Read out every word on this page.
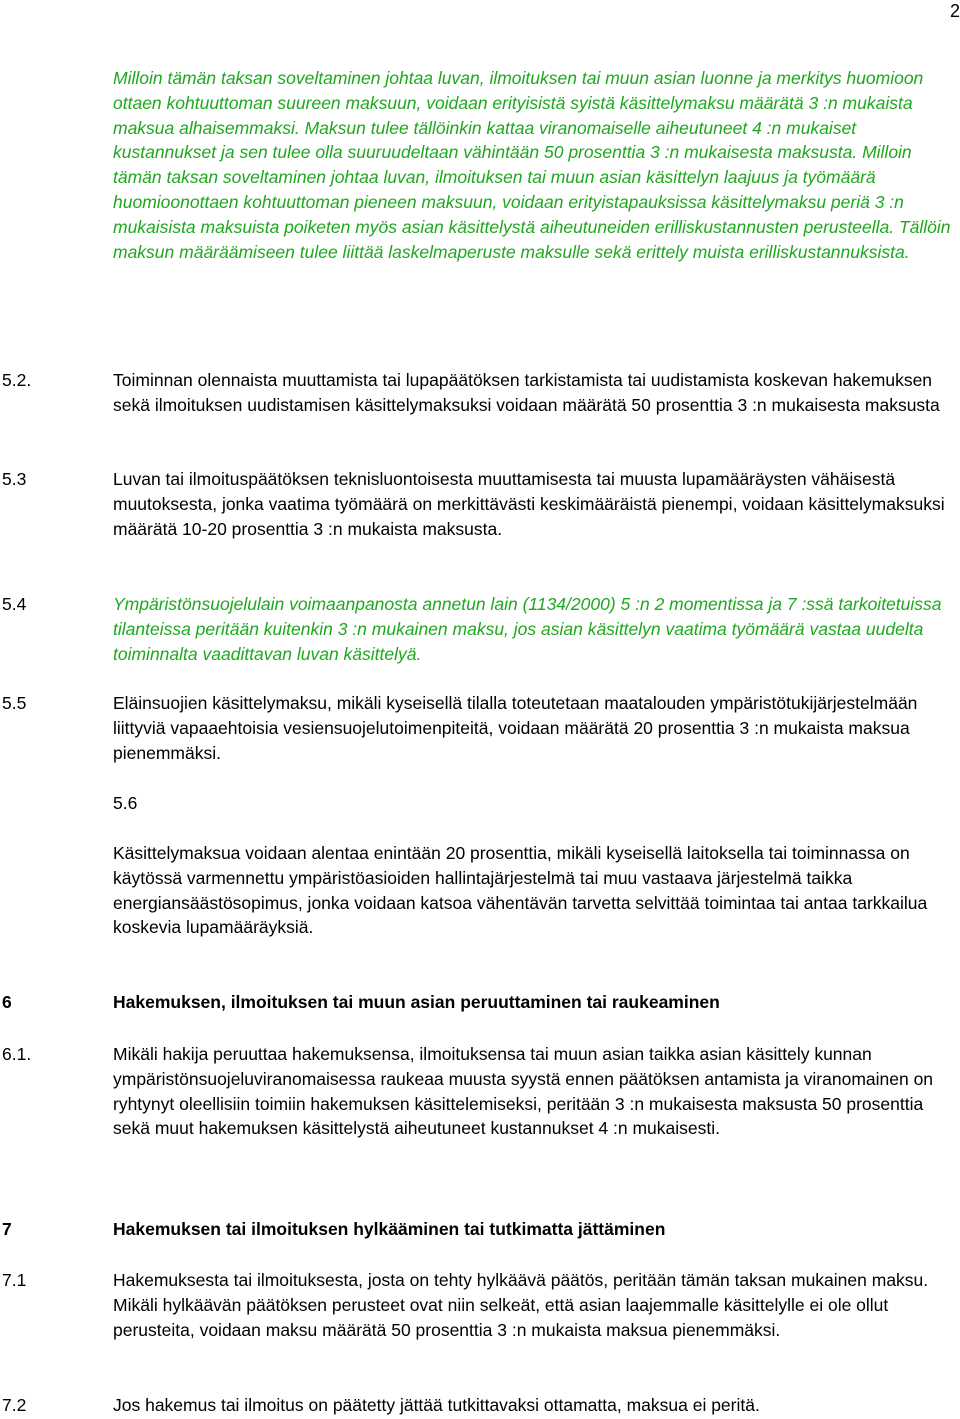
2

Milloin tämän taksan soveltaminen johtaa luvan, ilmoituksen tai muun asian luonne ja merkitys huomioon ottaen kohtuuttoman suureen maksuun, voidaan erityisistä syistä käsittelymaksu määrätä 3 :n mukaista maksua alhaisemmaksi. Maksun tulee tällöinkin kattaa viranomaiselle aiheutuneet 4 :n mukaiset kustannukset ja sen tulee olla suuruudeltaan vähintään 50 prosenttia 3 :n mukaisesta maksusta. Milloin tämän taksan soveltaminen johtaa luvan, ilmoituksen tai muun asian käsittelyn laajuus ja työmäärä huomioonottaen kohtuuttoman pieneen maksuun, voidaan erityistapauksissa käsittelymaksu periä 3 :n mukaisista maksuista poiketen myös asian käsittelystä aiheutuneiden erilliskustannusten perusteella. Tällöin maksun määräämiseen tulee liittää laskelmaperuste maksulle sekä erittely muista erilliskustannuksista.

5.2.	Toiminnan olennaista muuttamista tai lupapäätöksen tarkistamista tai uudistamista koskevan hakemuksen sekä ilmoituksen uudistamisen käsittelymaksuksi voidaan määrätä 50 prosenttia 3 :n mukaisesta maksusta

5.3	Luvan tai ilmoituspäätöksen teknisluontoisesta muuttamisesta tai muusta lupamääräysten vähäisestä muutoksesta, jonka vaatima työmäärä on merkittävästi keskimääräistä pienempi, voidaan käsittelymaksuksi määrätä 10-20 prosenttia 3 :n mukaista maksusta.

5.4	Ympäristönsuojelulain voimaanpanosta annetun lain (1134/2000) 5 :n 2 momentissa ja 7 :ssä tarkoitetuissa tilanteissa peritään kuitenkin 3 :n mukainen maksu, jos asian käsittelyn vaatima työmäärä vastaa uudelta toiminnalta vaadittavan luvan käsittelyä.

5.5	Eläinsuojien käsittelymaksu, mikäli kyseisellä tilalla toteutetaan maatalouden ympäristötukijärjestelmään liittyviä vapaaehtoisia vesiensuojelutoimenpiteitä, voidaan määrätä 20 prosenttia 3 :n mukaista maksua pienemmäksi.

5.6

Käsittelymaksua voidaan alentaa enintään 20 prosenttia, mikäli kyseisellä laitoksella tai toiminnassa on käytössä varmennettu ympäristöasioiden hallintajärjestelmä tai muu vastaava järjestelmä taikka energiansäästösopimus, jonka voidaan katsoa vähentävän tarvetta selvittää toimintaa tai antaa tarkkailua koskevia lupamääräyksiä.

6	Hakemuksen, ilmoituksen tai muun asian peruuttaminen tai raukeaminen
6.1.	Mikäli hakija peruuttaa hakemuksensa, ilmoituksensa tai muun asian taikka asian käsittely kunnan ympäristönsuojeluviranomaisessa raukeaa muusta syystä ennen päätöksen antamista ja viranomainen on ryhtynyt oleellisiin toimiin hakemuksen käsittelemiseksi, peritään 3 :n mukaisesta maksusta 50 prosenttia sekä muut hakemuksen käsittelystä aiheutuneet kustannukset 4 :n mukaisesti.

7	Hakemuksen tai ilmoituksen hylkääminen tai tutkimatta jättäminen
7.1	Hakemuksesta tai ilmoituksesta, josta on tehty hylkäävä päätös, peritään tämän taksan mukainen maksu. Mikäli hylkäävän päätöksen perusteet ovat niin selkeät, että asian laajemmalle käsittelylle ei ole ollut perusteita, voidaan maksu määrätä 50 prosenttia 3 :n mukaista maksua pienemmäksi.

7.2	Jos hakemus tai ilmoitus on päätetty jättää tutkittavaksi ottamatta, maksua ei peritä.
